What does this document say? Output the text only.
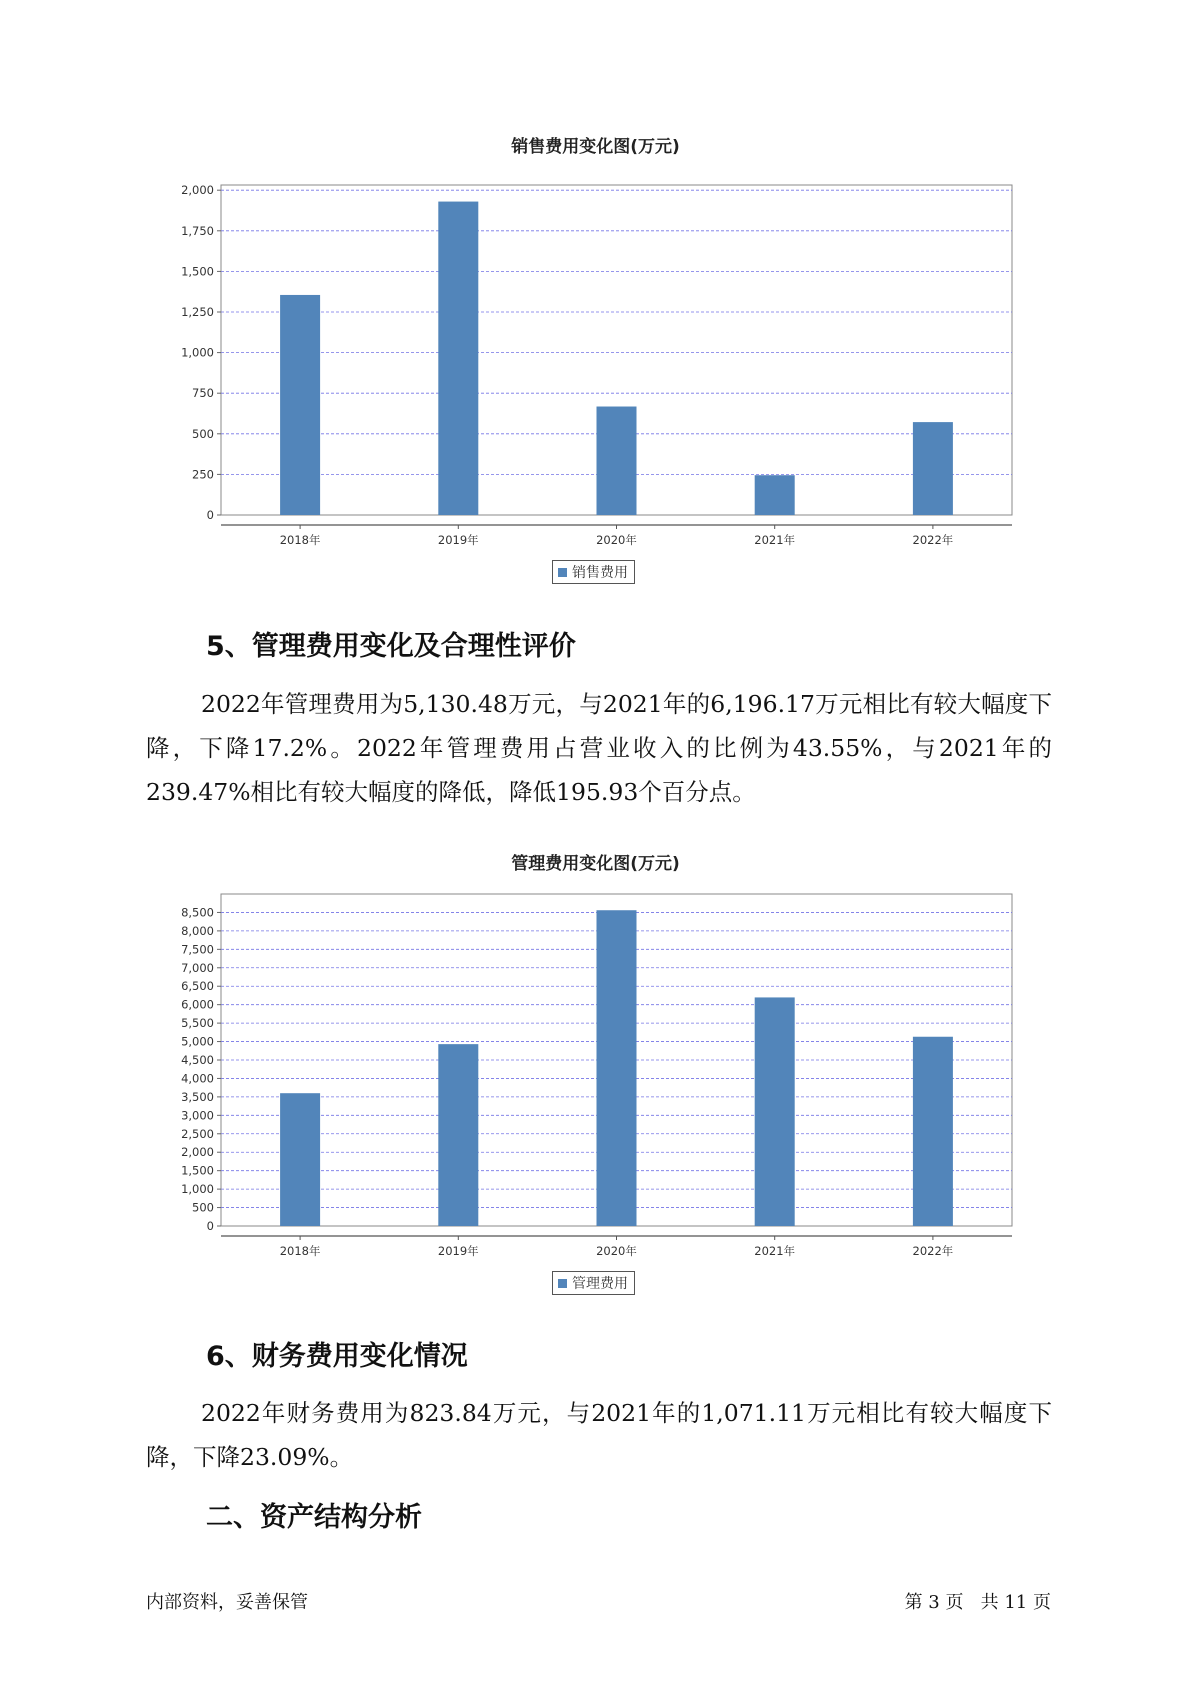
销售费用变化图(万元)
0
250
500
750
1,000
1,250
1,500
1,750
2,000
2018年	2019年	2020年	2021年	2022年
销售费用
5、管理费用变化及合理性评价

2022年管理费用为5,130.48万元，与2021年的6,196.17万元相比有较大幅度下降，下降17.2%。2022年管理费用占营业收入的比例为43.55%，与2021年的239.47%相比有较大幅度的降低，降低195.93个百分点。

管理费用变化图(万元)
0
500
1,000
1,500
2,000
2,500
3,000
3,500
4,000
4,500
5,000
5,500
6,000
6,500
7,000
7,500
8,000
8,500
2018年	2019年	2020年	2021年	2022年
管理费用
6、财务费用变化情况

2022年财务费用为823.84万元，与2021年的1,071.11万元相比有较大幅度下降，下降23.09%。

二、资产结构分析
内部资料，妥善保管	第 3 页   共 11 页
